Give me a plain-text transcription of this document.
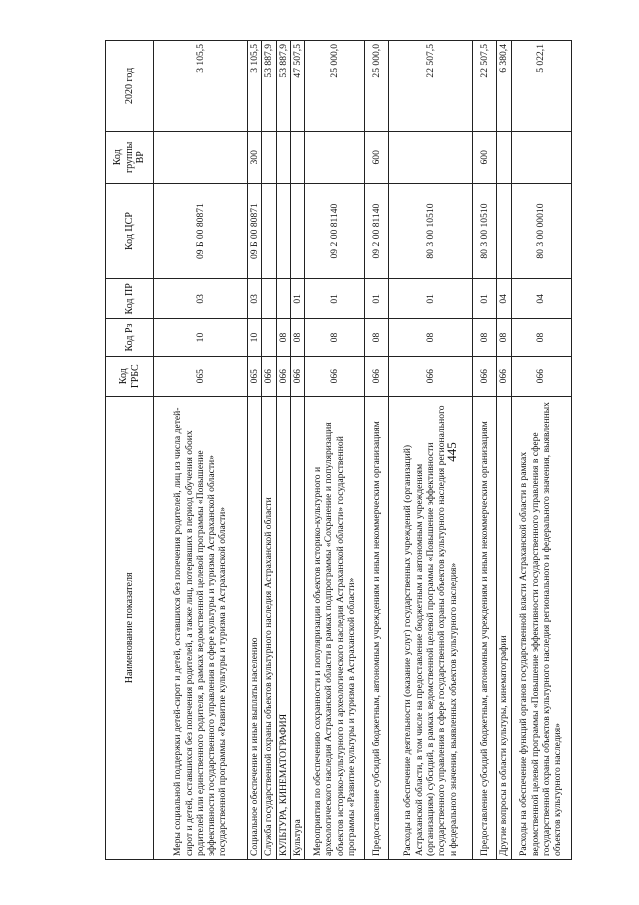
445
Наименование показателя	Код ГРБС	Код Рз	Код ПР	Код ЦСР	Код группы ВР	2020 год
Меры социальной поддержки детей-сирот и детей, оставшихся без попечения родителей, лиц из числа детей-сирот и детей, оставшихся без попечения родителей, а также лиц, потерявших в период обучения обоих родителей или единственного родителя, в рамках ведомственной целевой программы «Повышение эффективности государственного управления в сфере культуры и туризма Астраханской области» государственной программы «Развитие культуры и туризма в Астраханской области»	065	10	03	09 Б 00 80871		3 105,5
Социальное обеспечение и иные выплаты населению	065	10	03	09 Б 00 80871	300	3 105,5
Служба государственной охраны объектов культурного наследия Астраханской области	066					53 887,9
КУЛЬТУРА, КИНЕМАТОГРАФИЯ	066	08				53 887,9
Культура	066	08	01			47 507,5
Мероприятия по обеспечению сохранности и популяризации объектов историко-культурного и археологического наследия Астраханской области в рамках подпрограммы «Сохранение и популяризация объектов историко-культурного и археологического наследия Астраханской области» государственной программы «Развитие культуры и туризма в Астраханской области»	066	08	01	09 2 00 81140		25 000,0
Предоставление субсидий бюджетным, автономным учреждениям и иным некоммерческим организациям	066	08	01	09 2 00 81140	600	25 000,0
Расходы на обеспечение деятельности (оказание услуг) государственных учреждений (организаций) Астраханской области, в том числе на предоставление бюджетным и автономным учреждениям (организациям) субсидий, в рамках ведомственной целевой программы «Повышение эффективности государственного управления в сфере государственной охраны объектов культурного наследия регионального и федерального значения, выявленных объектов культурного наследия»	066	08	01	80 3 00 10510		22 507,5
Предоставление субсидий бюджетным, автономным учреждениям и иным некоммерческим организациям	066	08	01	80 3 00 10510	600	22 507,5
Другие вопросы в области культуры, кинематографии	066	08	04			6 380,4
Расходы на обеспечение функций органов государственной власти Астраханской области в рамках ведомственной целевой программы «Повышение эффективности государственного управления в сфере государственной охраны объектов культурного наследия регионального и федерального значения, выявленных объектов культурного наследия»	066	08	04	80 3 00 00010		5 022,1
